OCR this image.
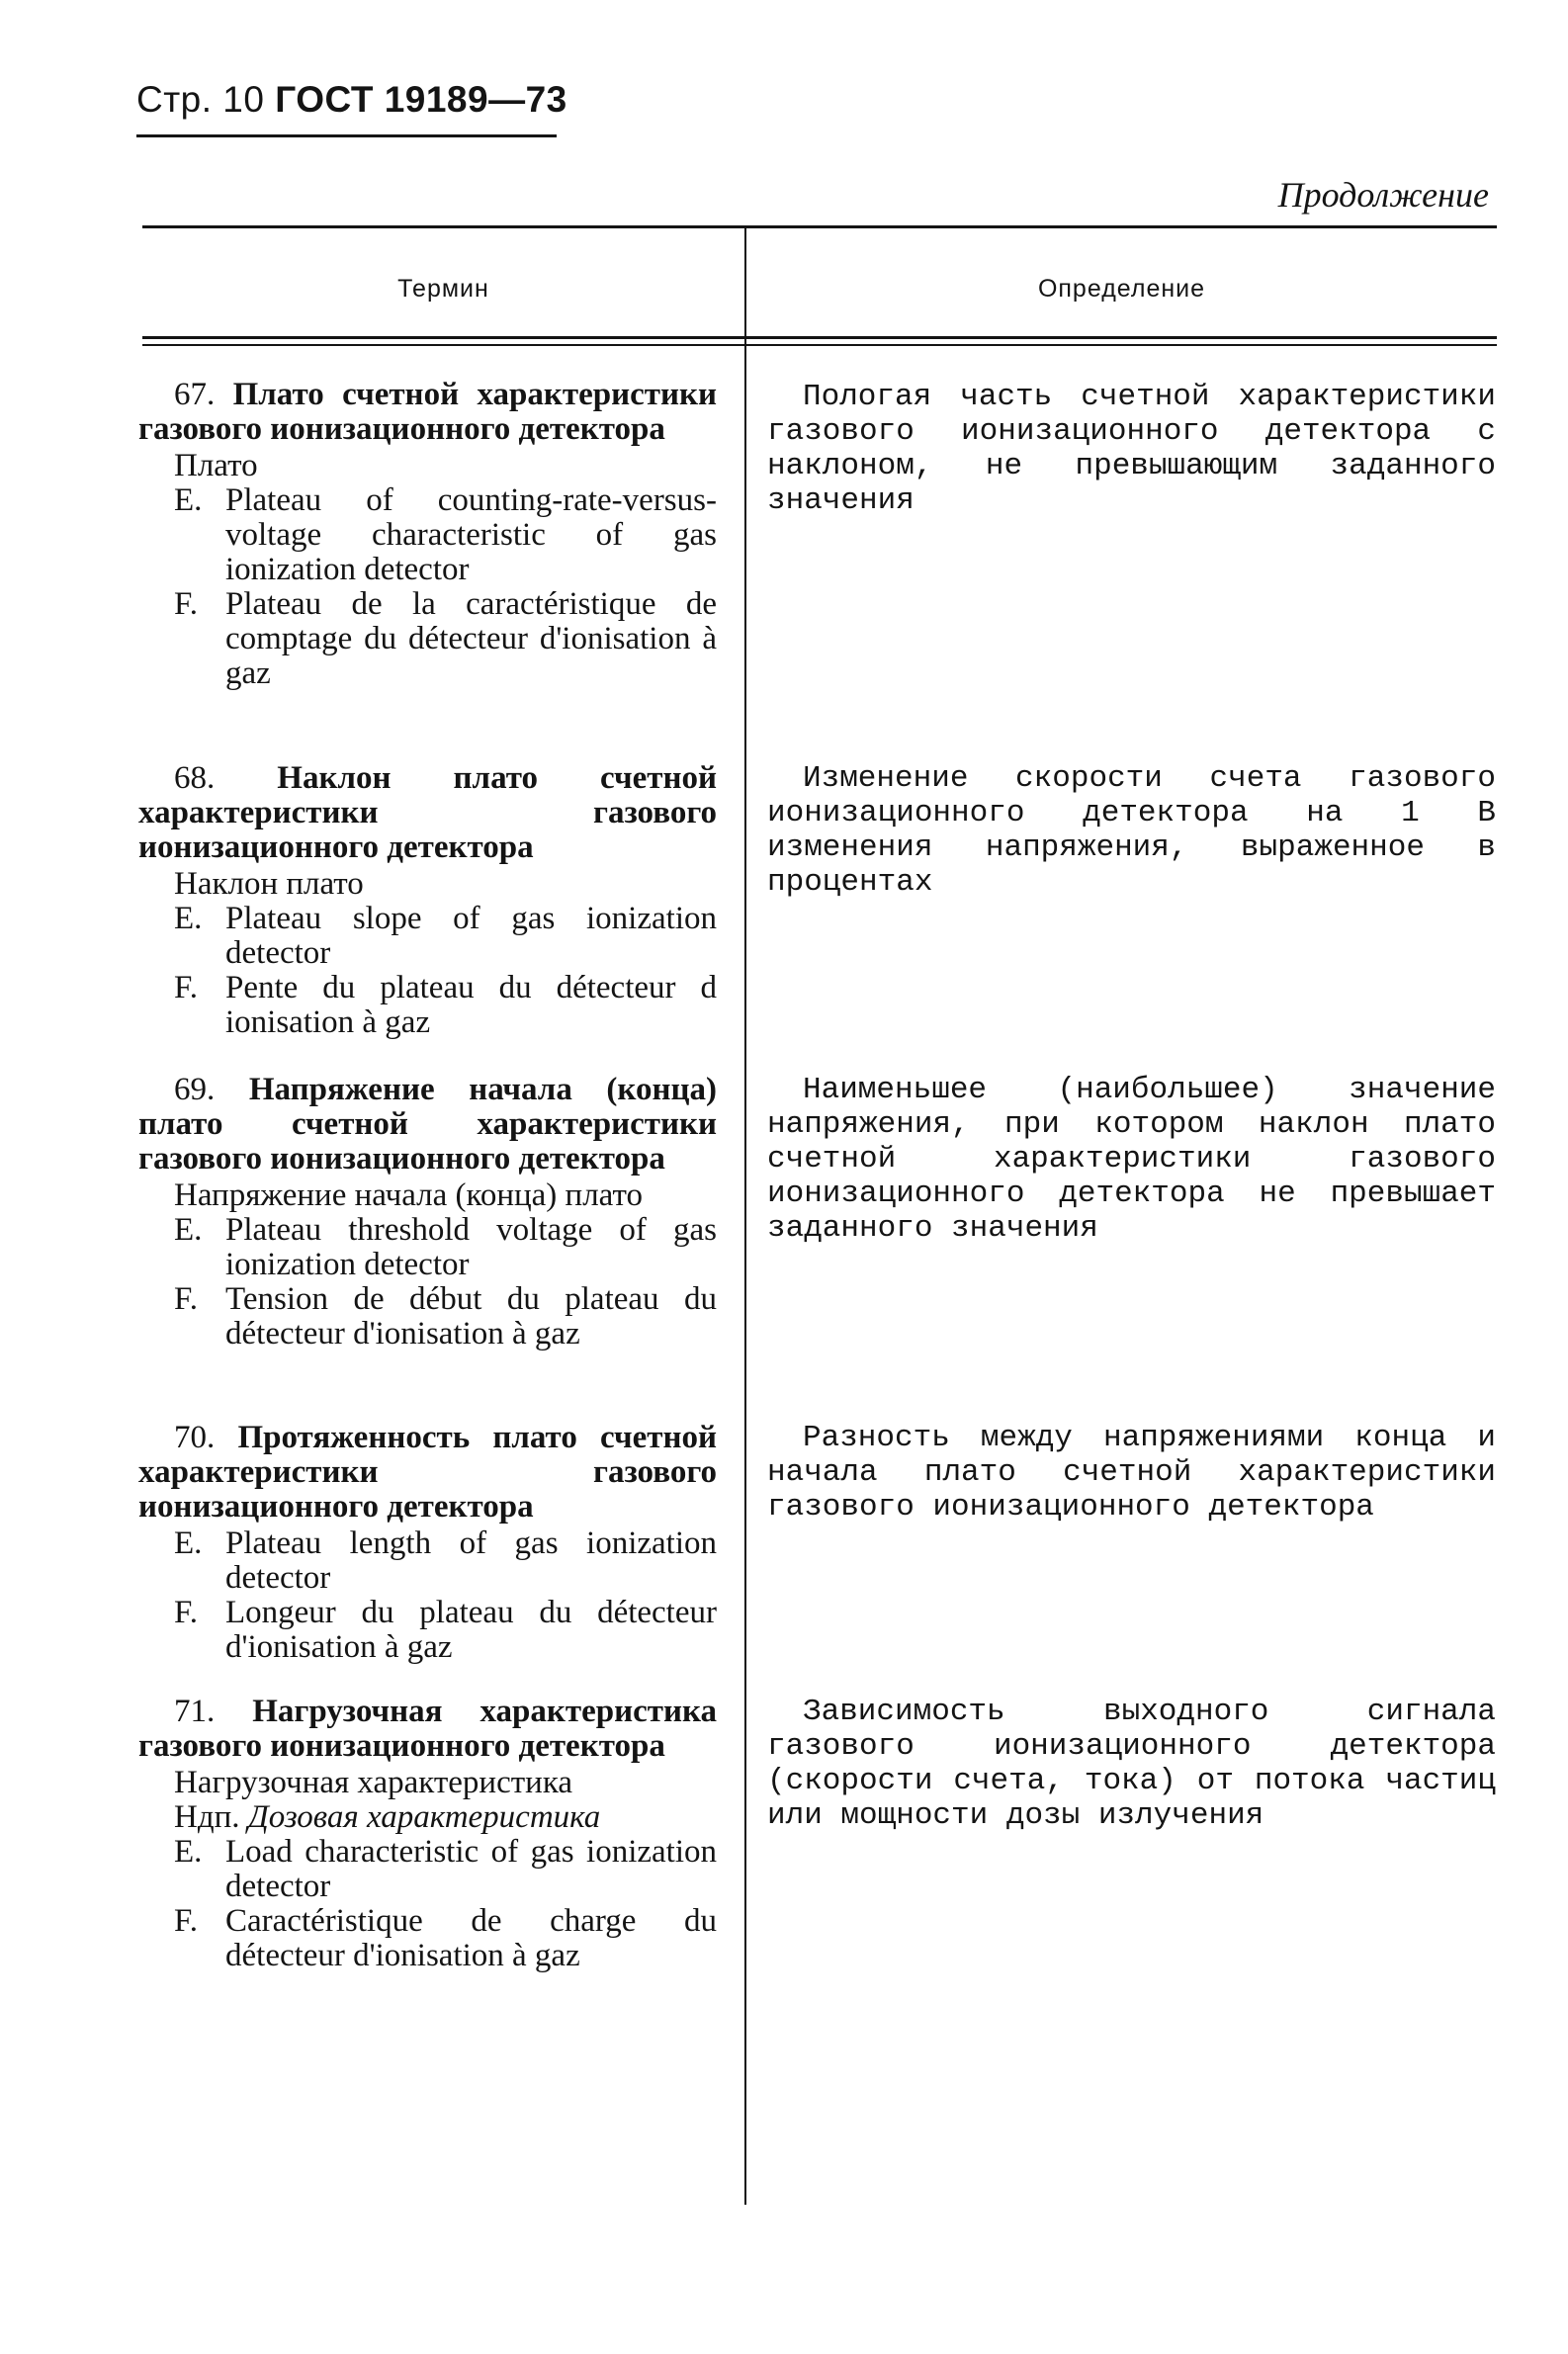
Стр. 10 ГОСТ 19189—73
Продолжение
Термин	Определение

67. Плато счетной характеристики газового ионизационного детектора

Плато

E. Plateau of counting-rate-versus-voltage characteristic of gas ionization detector
F. Plateau de la caractéristique de comptage du détecteur d'ionisation à gaz
Пологая часть счетной характеристики газового ионизационного детектора с наклоном, не превышающим заданного значения

68. Наклон плато счетной характеристики газового ионизационного детектора

Наклон плато

E. Plateau slope of gas ionization detector
F. Pente du plateau du détecteur d ionisation à gaz
Изменение скорости счета газового ионизационного детектора на 1 В изменения напряжения, выраженное в процентах

69. Напряжение начала (конца) плато счетной характеристики газового ионизационного детектора

Напряжение начала (конца) плато

E. Plateau threshold voltage of gas ionization detector
F. Tension de début du plateau du détecteur d'ionisation à gaz
Наименьшее (наибольшее) значение напряжения, при котором наклон плато счетной характеристики газового ионизационного детектора не превышает заданного значения

70. Протяженность плато счетной характеристики газового ионизационного детектора

E. Plateau length of gas ionization detector
F. Longeur du plateau du détecteur d'ionisation à gaz
Разность между напряжениями конца и начала плато счетной характеристики газового ионизационного детектора

71. Нагрузочная характеристика газового ионизационного детектора

Нагрузочная характеристика

Ндп. Дозовая характеристика

E. Load characteristic of gas ionization detector
F. Caractéristique de charge du détecteur d'ionisation à gaz
Зависимость выходного сигнала газового ионизационного детектора (скорости счета, тока) от потока частиц или мощности дозы излучения
